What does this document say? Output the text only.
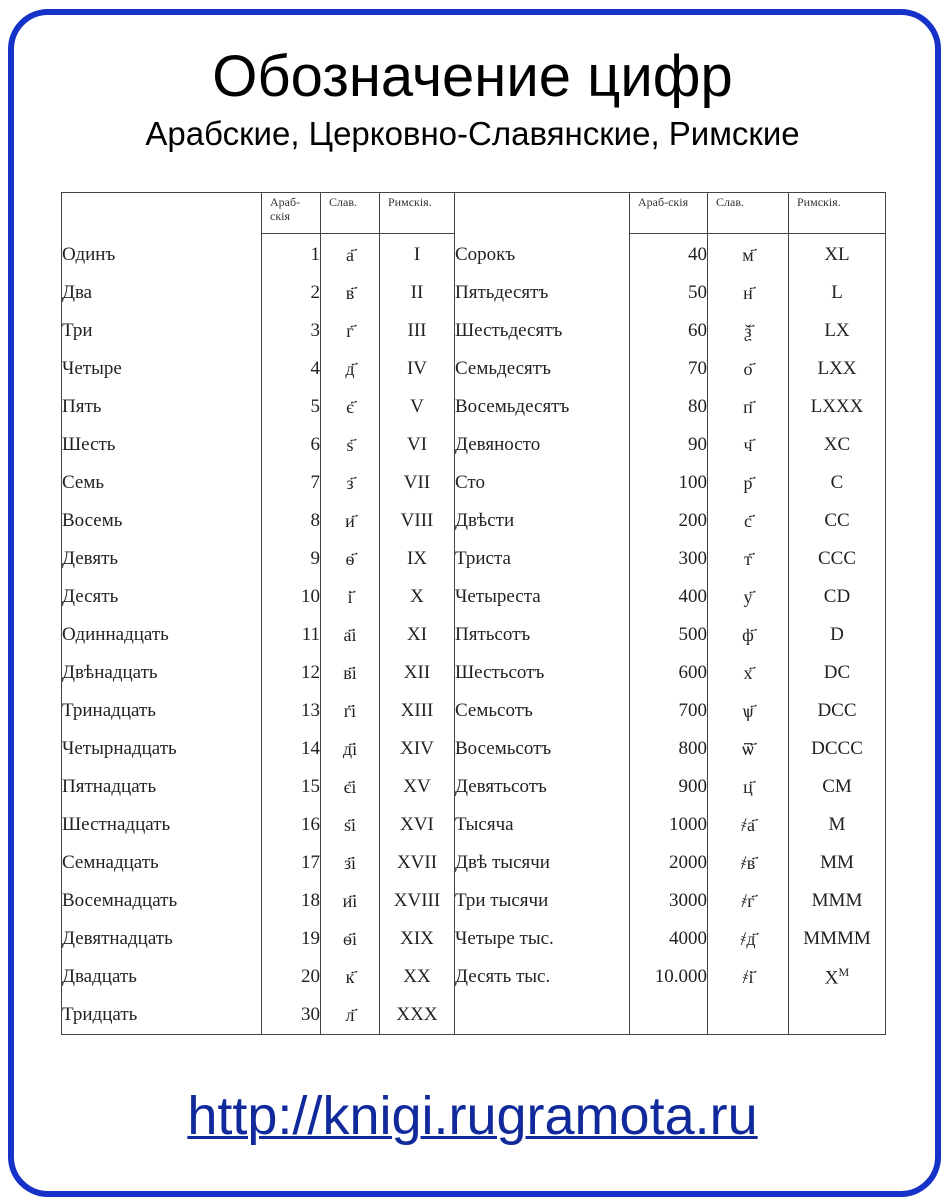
Обозначение цифр
Арабские, Церковно-Славянские, Римские
	Араб-скія	Слав.	Римскія.		Араб-скія	Слав.	Римскія.
Одинъ	1	а҃	I	Сорокъ	40	м҃	XL
Два	2	в҃	II	Пятьдесятъ	50	н҃	L
Три	3	г҃	III	Шестьдесятъ	60	ѯ҃	LX
Четыре	4	д҃	IV	Семьдесятъ	70	о҃	LXX
Пять	5	є҃	V	Восемьдесятъ	80	п҃	LXXX
Шесть	6	ѕ҃	VI	Девяносто	90	ч҃	XC
Семь	7	з҃	VII	Сто	100	р҃	C
Восемь	8	и҃	VIII	Двѣсти	200	с҃	CC
Девять	9	ѳ҃	IX	Триста	300	т҃	CCC
Десять	10	і҃	X	Четыреста	400	у҃	CD
Одиннадцать	11	а҃і	XI	Пятьсотъ	500	ф҃	D
Двѣнадцать	12	в҃і	XII	Шестьсотъ	600	х҃	DC
Тринадцать	13	г҃і	XIII	Семьсотъ	700	ѱ҃	DCC
Четырнадцать	14	д҃і	XIV	Восемьсотъ	800	ѿ҃	DCCC
Пятнадцать	15	є҃і	XV	Девятьсотъ	900	ц҃	CM
Шестнадцать	16	ѕ҃і	XVI	Тысяча	1000	҂а҃	M
Семнадцать	17	з҃і	XVII	Двѣ тысячи	2000	҂в҃	MM
Восемнадцать	18	и҃і	XVIII	Три тысячи	3000	҂г҃	MMM
Девятнадцать	19	ѳ҃і	XIX	Четыре тыс.	4000	҂д҃	MMMM
Двадцать	20	к҃	XX	Десять тыс.	10.000	҂і҃	$X^M$
Тридцать	30	л҃	XXX				
http://knigi.rugramota.ru
